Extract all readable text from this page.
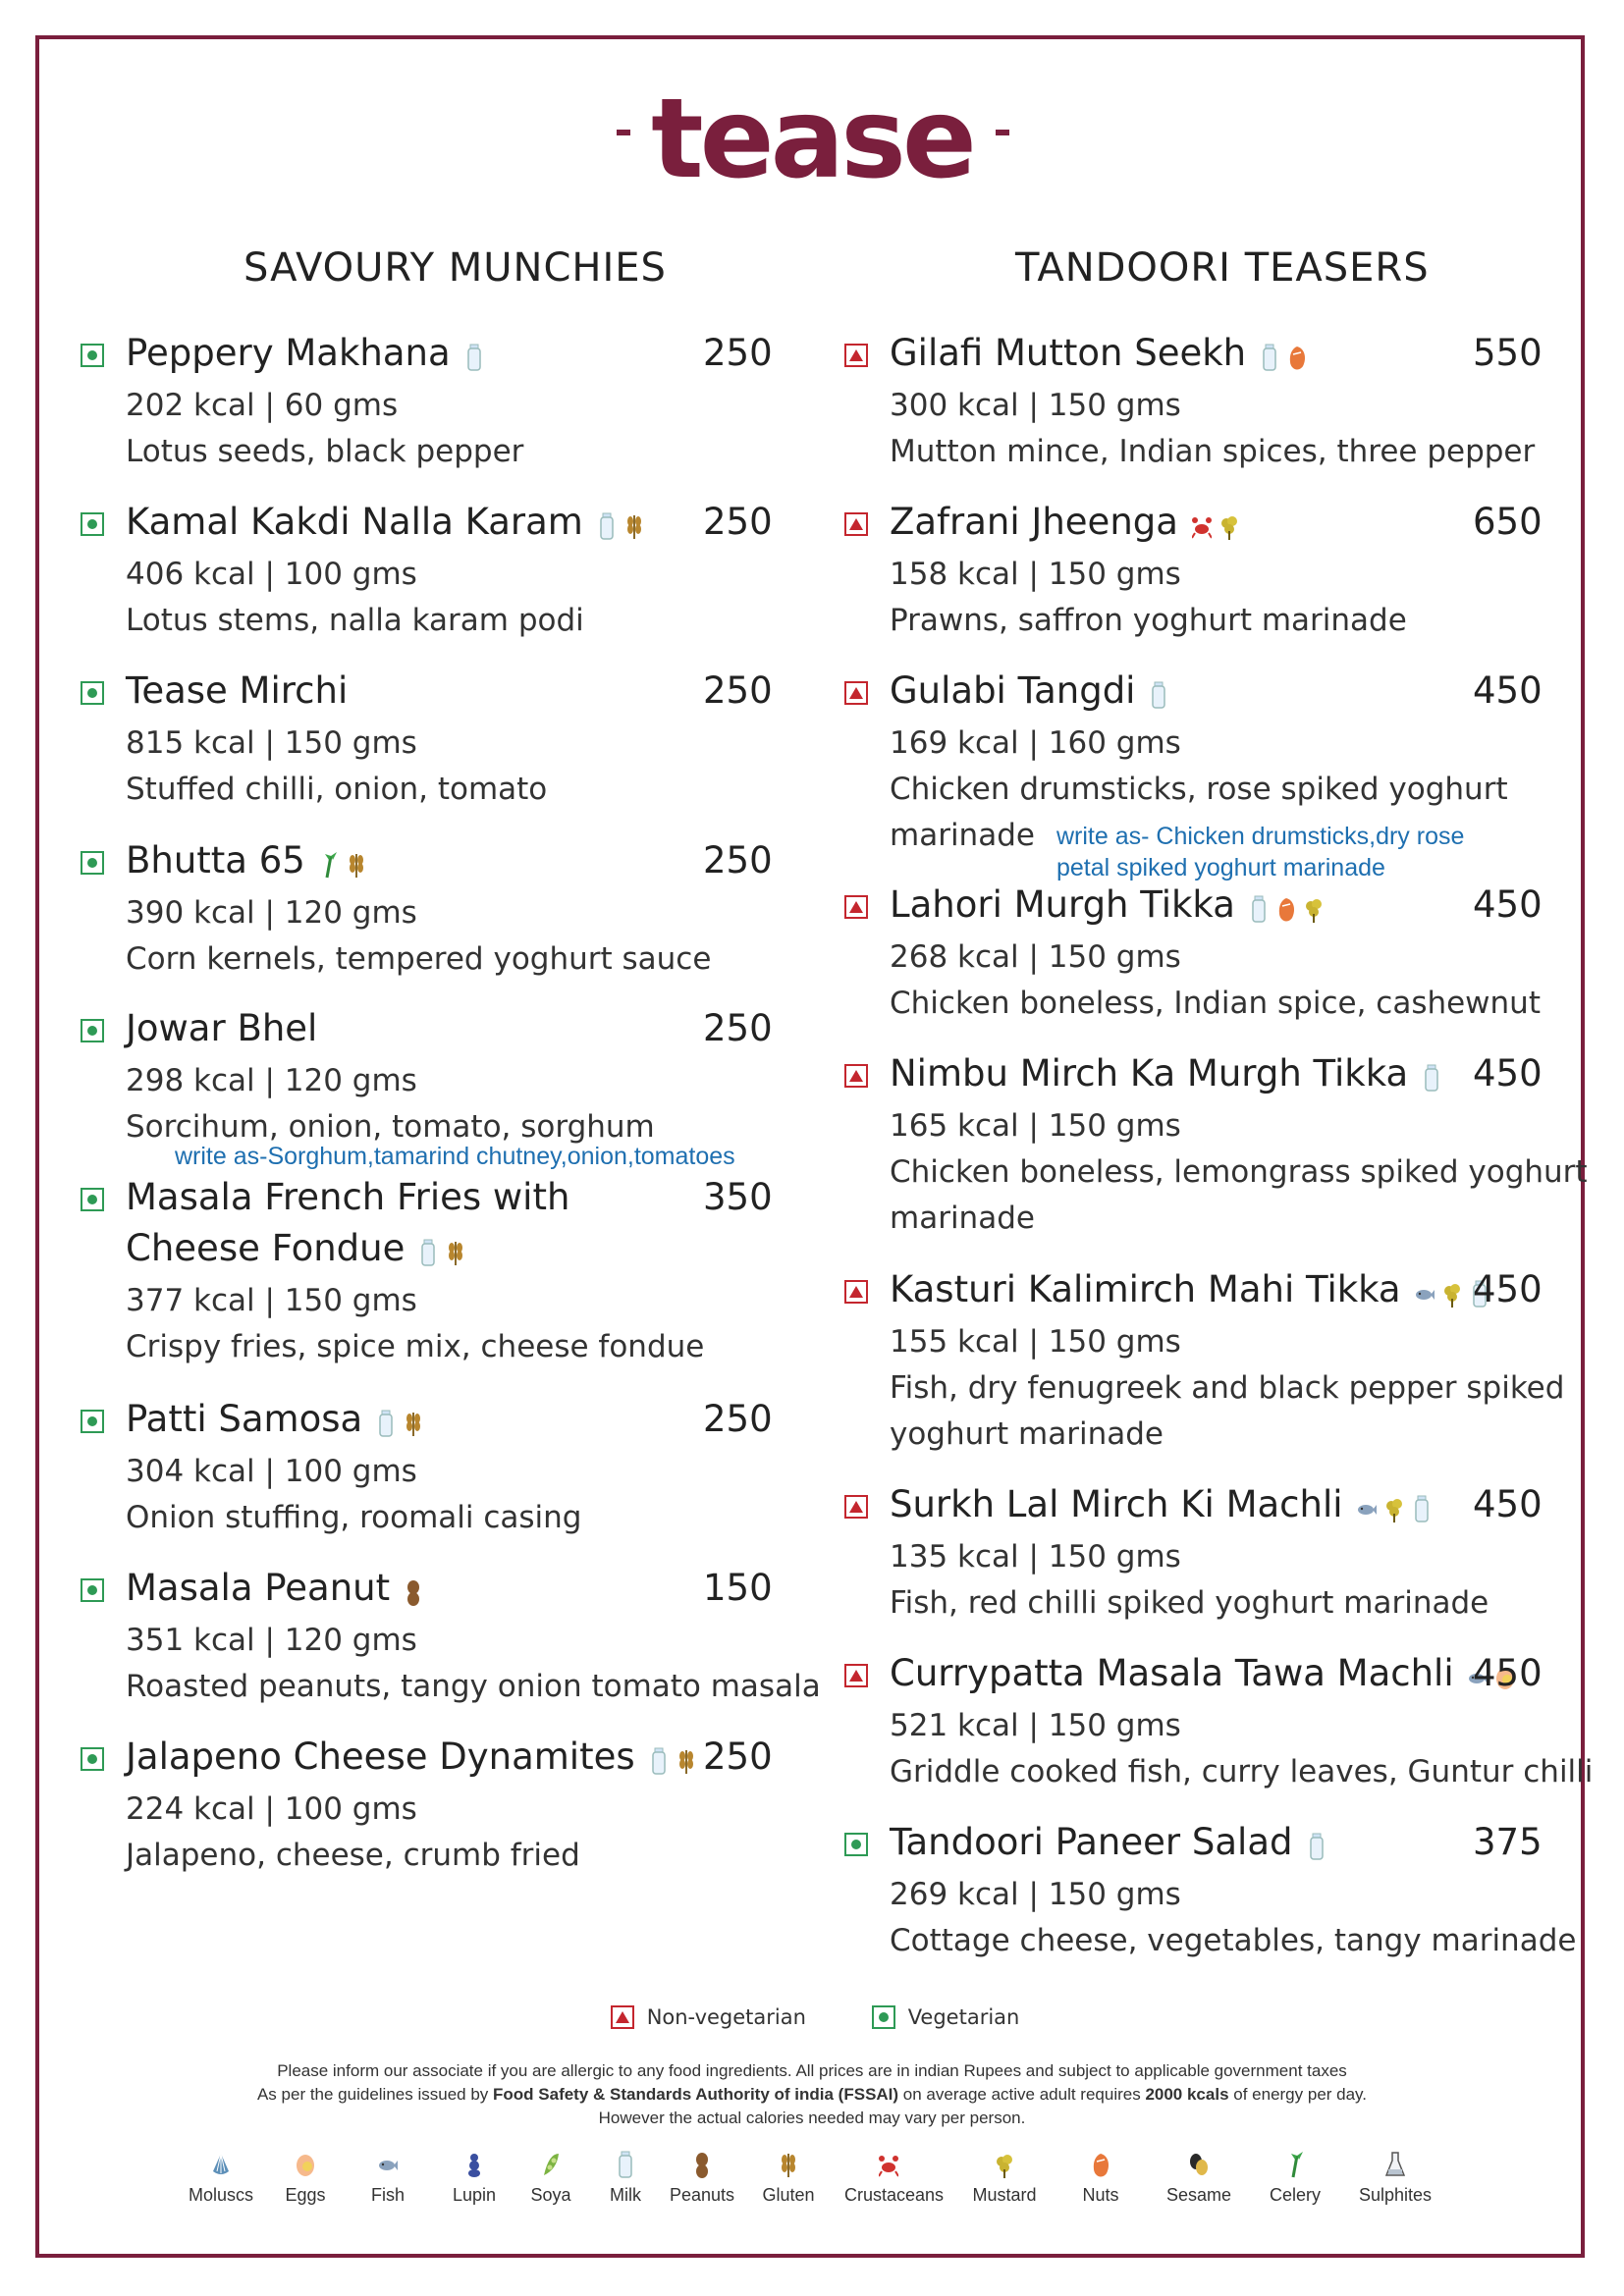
tease
SAVOURY MUNCHIES	TANDOORI TEASERS
Peppery Makhana	250
202 kcal | 60 gms
Lotus seeds, black pepper
Kamal Kakdi Nalla Karam	250
406 kcal | 100 gms
Lotus stems, nalla karam podi
Tease Mirchi	250
815 kcal | 150 gms
Stuffed chilli, onion, tomato
Bhutta 65	250
390 kcal | 120 gms
Corn kernels, tempered yoghurt sauce
Jowar Bhel	250
298 kcal | 120 gms
Sorcihum, onion, tomato, sorghum
Masala French Fries with	350
Cheese Fondue
377 kcal | 150 gms
Crispy fries, spice mix, cheese fondue
Patti Samosa	250
304 kcal | 100 gms
Onion stuffing, roomali casing
Masala Peanut	150
351 kcal | 120 gms
Roasted peanuts, tangy onion tomato masala
Jalapeno Cheese Dynamites	250
224 kcal | 100 gms
Jalapeno, cheese, crumb fried
Gilafi Mutton Seekh	550
300 kcal | 150 gms
Mutton mince, Indian spices, three pepper
Zafrani Jheenga	650
158 kcal | 150 gms
Prawns, saffron yoghurt marinade
Gulabi Tangdi	450
169 kcal | 160 gms
Chicken drumsticks, rose spiked yoghurt
marinade
Lahori Murgh Tikka	450
268 kcal | 150 gms
Chicken boneless, Indian spice, cashewnut
Nimbu Mirch Ka Murgh Tikka	450
165 kcal | 150 gms
Chicken boneless, lemongrass spiked yoghurt
marinade
Kasturi Kalimirch Mahi Tikka	450
155 kcal | 150 gms
Fish, dry fenugreek and black pepper spiked
yoghurt marinade
Surkh Lal Mirch Ki Machli	450
135 kcal | 150 gms
Fish, red chilli spiked yoghurt marinade
Currypatta Masala Tawa Machli 450
521 kcal | 150 gms
Griddle cooked fish, curry leaves, Guntur chilli
Tandoori Paneer Salad	375
269 kcal | 150 gms
Cottage cheese, vegetables, tangy marinade
write as-Sorghum,tamarind chutney,onion,tomatoes
write as- Chicken drumsticks,dry rose
petal spiked yoghurt marinade
Non-vegetarian	Vegetarian
Please inform our associate if you are allergic to any food ingredients. All prices are in indian Rupees and subject to applicable government taxes
As per the guidelines issued by Food Safety & Standards Authority of india (FSSAI) on average active adult requires 2000 kcals of energy per day.
However the actual calories needed may vary per person.
Moluscs	Eggs	Fish	Lupin	Soya	Milk	Peanuts	Gluten	Crustaceans	Mustard	Nuts	Sesame	Celery	Sulphites
